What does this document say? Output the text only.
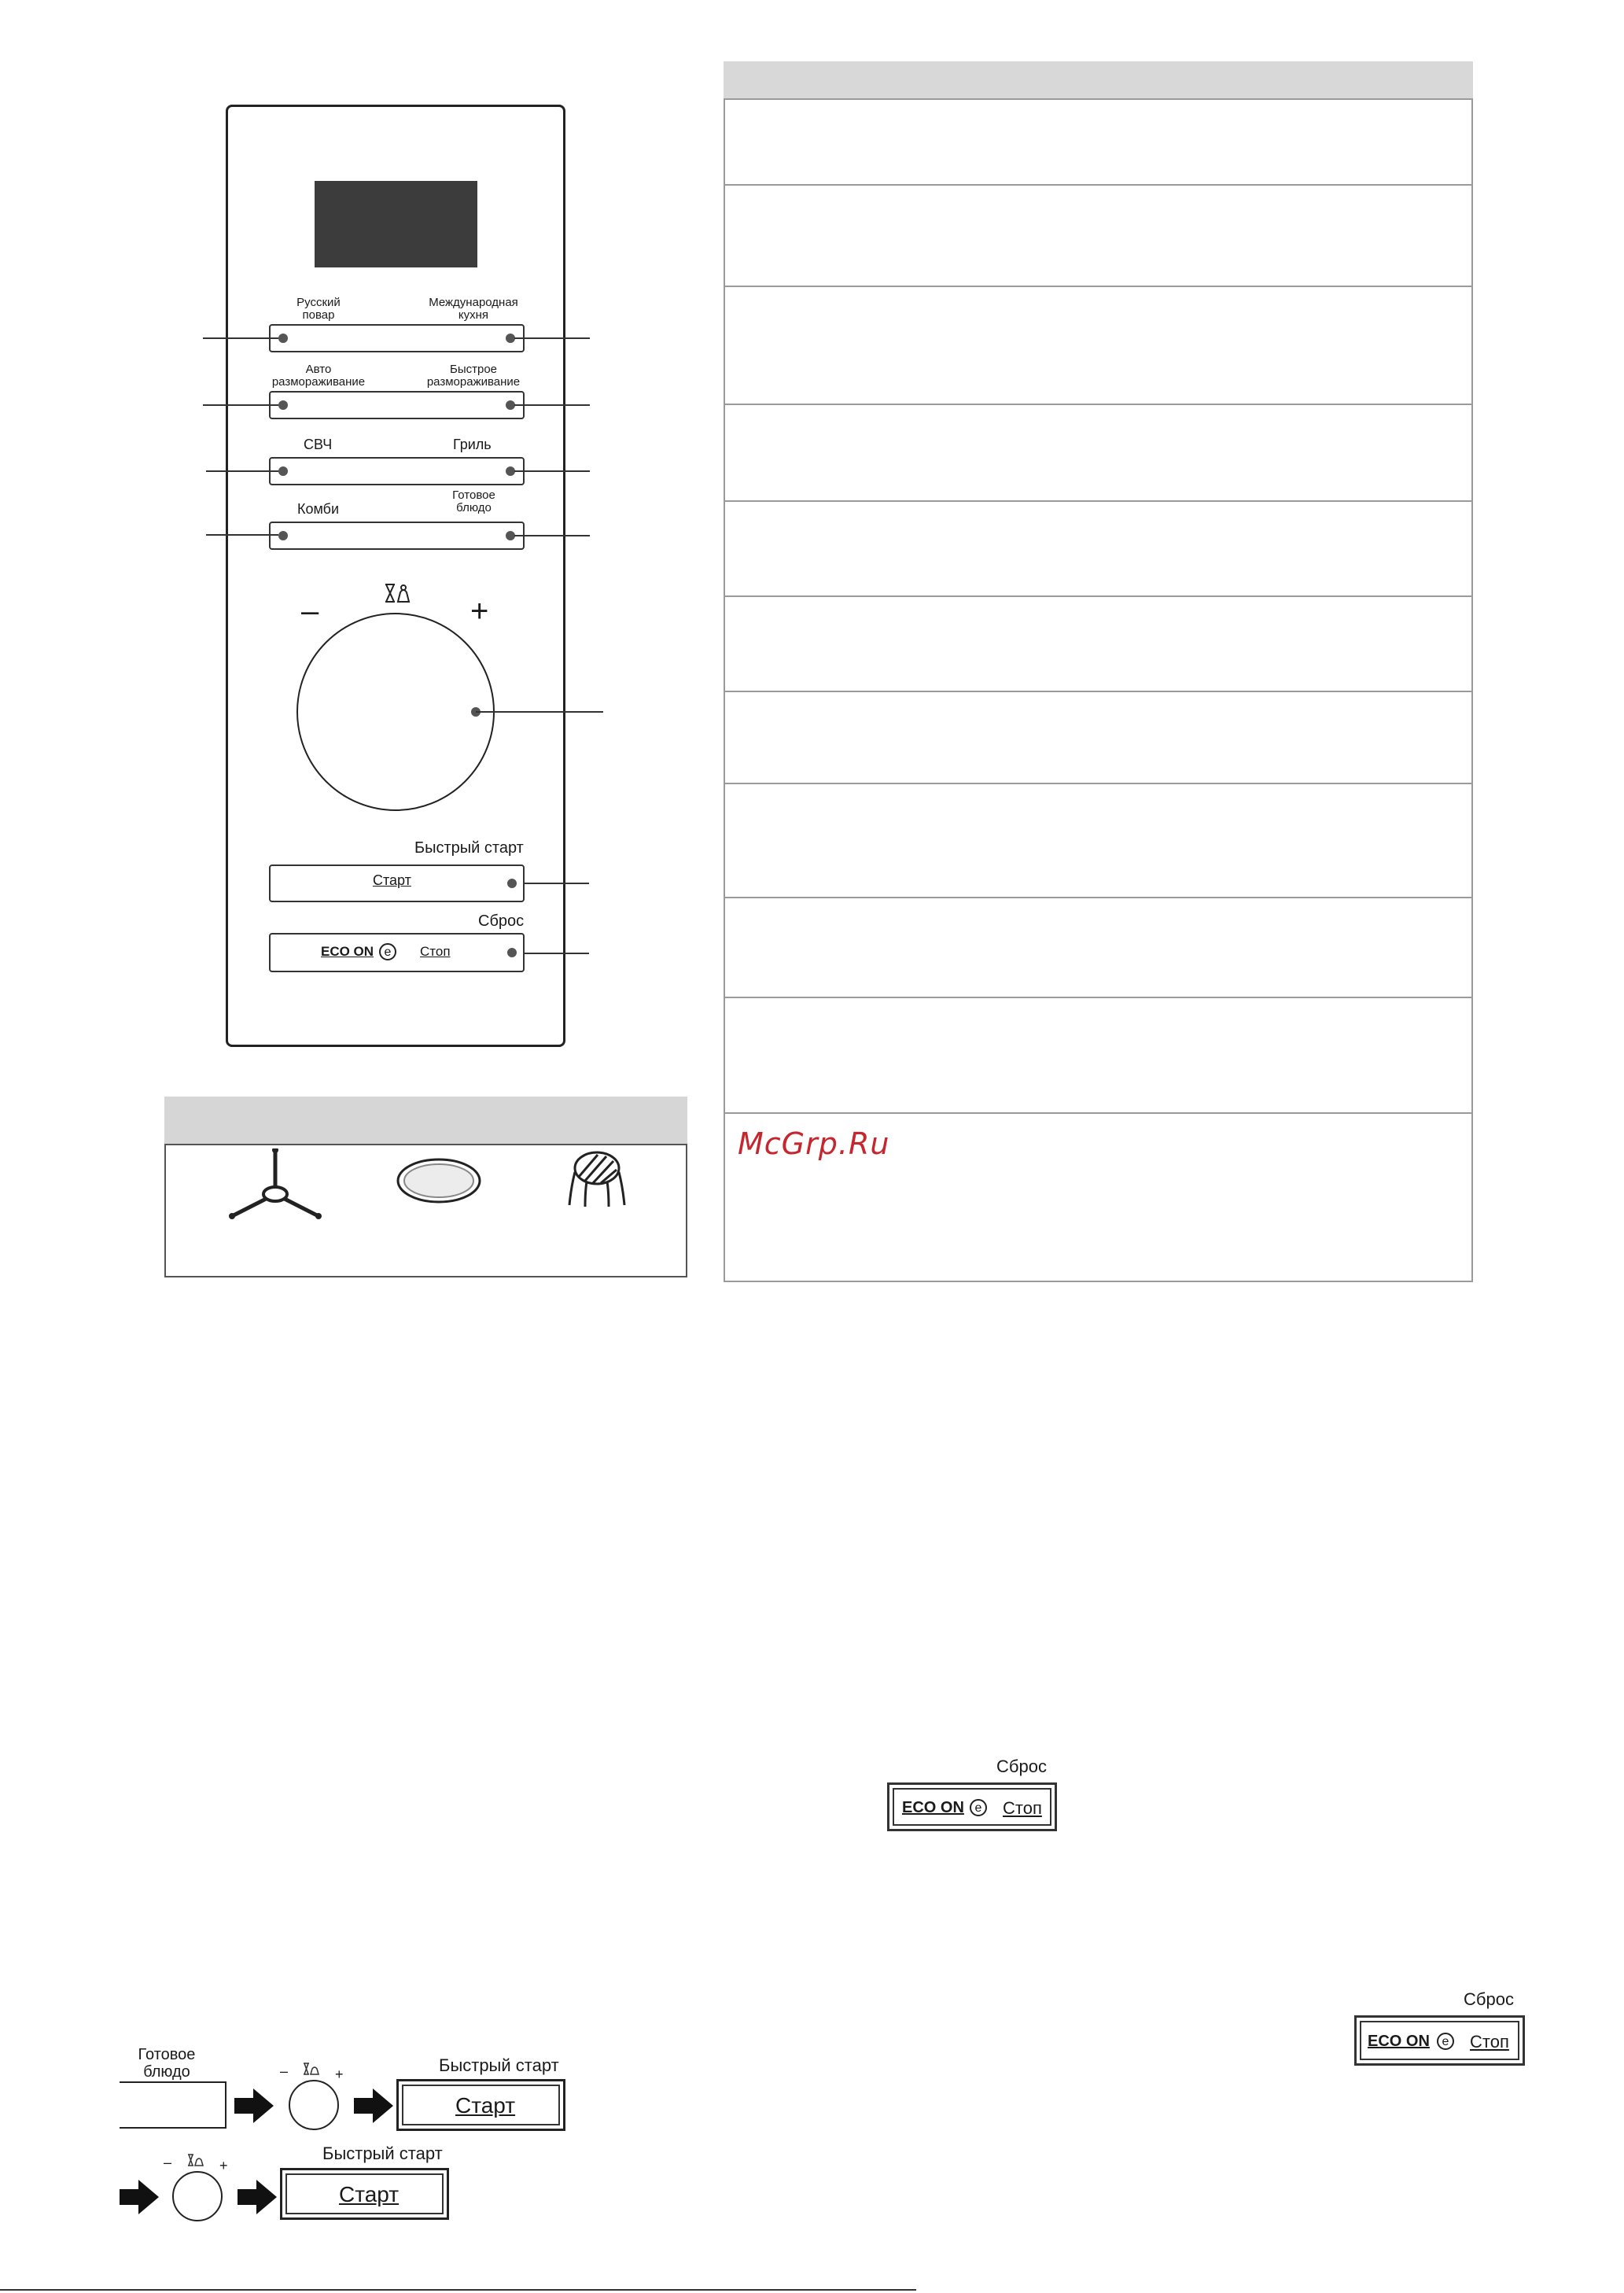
Русский
повар
Международная
кухня
Авто
размораживание
Быстрое
размораживание
СВЧ	Гриль
Комби
Готовое
блюдо
–	+
Быстрый старт
Старт
Сброс
ECO ON e	Стоп
McGrp.Ru
Сброс
ECO ON e Стоп
Сброс
ECO ON e Стоп
Готовое
блюдо	–	+	Быстрый старт
Старт
–	+
Быстрый старт
Старт
